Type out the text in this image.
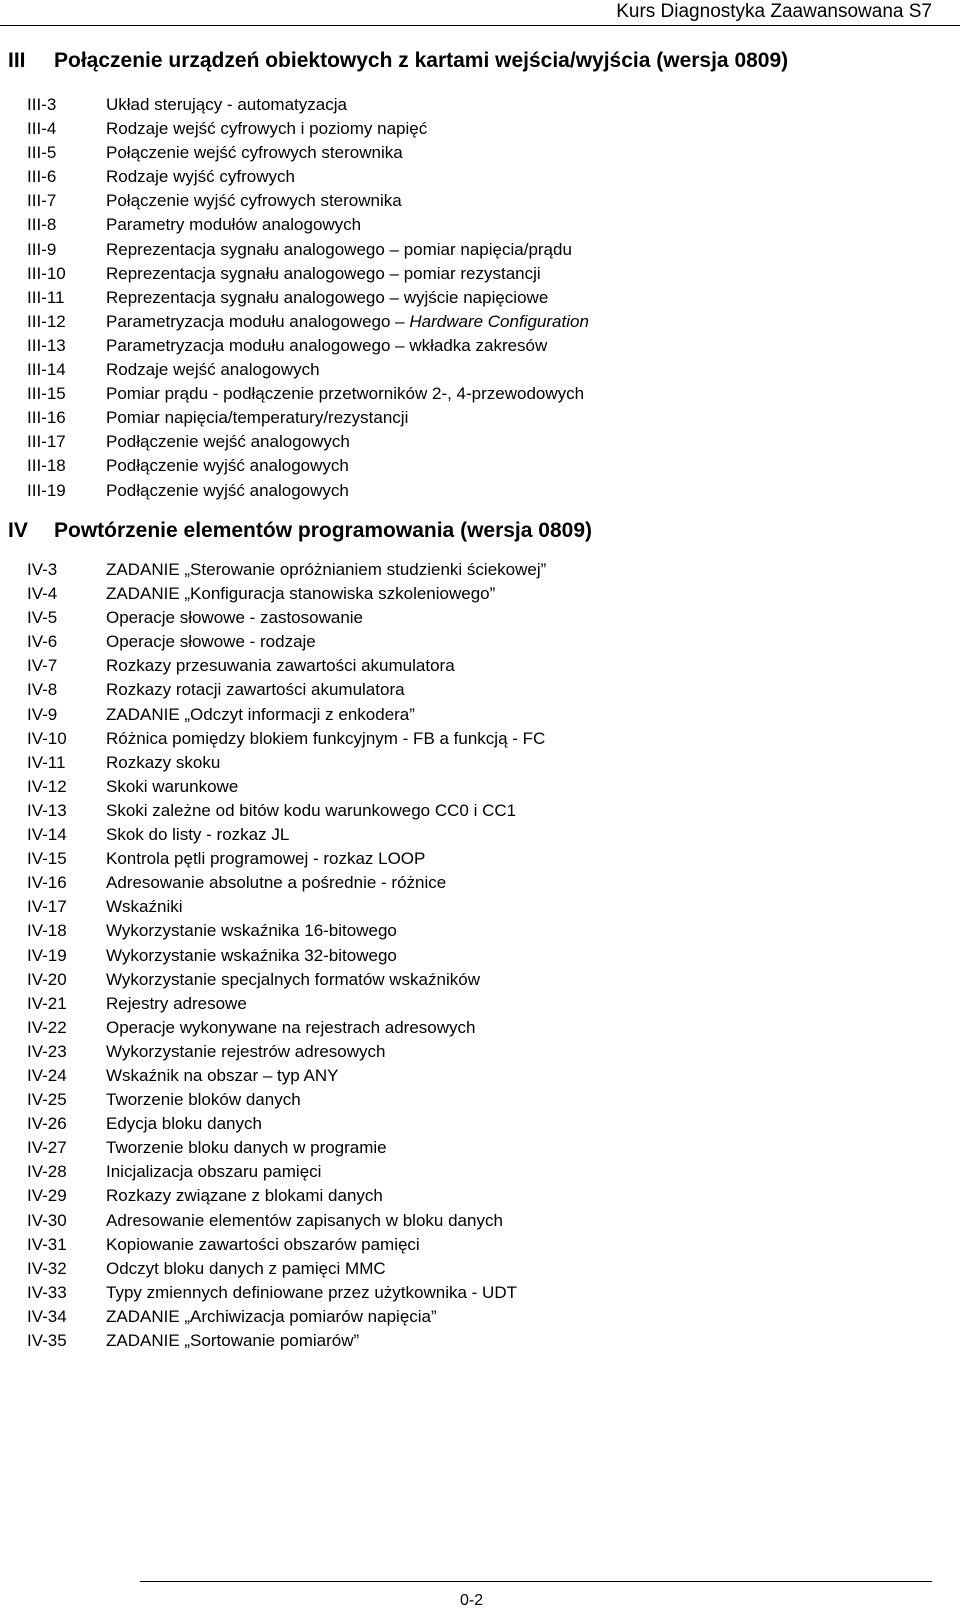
Kurs Diagnostyka Zaawansowana S7
III Połączenie urządzeń obiektowych z kartami wejścia/wyjścia (wersja 0809)
III-3	Układ sterujący - automatyzacja
III-4	Rodzaje wejść cyfrowych i poziomy napięć
III-5	Połączenie wejść cyfrowych sterownika
III-6	Rodzaje wyjść cyfrowych
III-7	Połączenie wyjść cyfrowych sterownika
III-8	Parametry modułów analogowych
III-9	Reprezentacja sygnału analogowego – pomiar napięcia/prądu
III-10 Reprezentacja sygnału analogowego – pomiar rezystancji
III-11 Reprezentacja sygnału analogowego – wyjście napięciowe
III-12 Parametryzacja modułu analogowego – Hardware Configuration
III-13 Parametryzacja modułu analogowego – wkładka zakresów
III-14 Rodzaje wejść analogowych
III-15 Pomiar prądu - podłączenie przetworników 2-, 4-przewodowych
III-16 Pomiar napięcia/temperatury/rezystancji
III-17 Podłączenie wejść analogowych
III-18 Podłączenie wyjść analogowych
III-19 Podłączenie wyjść analogowych
IV Powtórzenie elementów programowania (wersja 0809)
IV-3	ZADANIE „Sterowanie opróżnianiem studzienki ściekowej”
IV-4	ZADANIE „Konfiguracja stanowiska szkoleniowego”
IV-5	Operacje słowowe - zastosowanie
IV-6	Operacje słowowe - rodzaje
IV-7	Rozkazy przesuwania zawartości akumulatora
IV-8	Rozkazy rotacji zawartości akumulatora
IV-9	ZADANIE „Odczyt informacji z enkodera”
IV-10 Różnica pomiędzy blokiem funkcyjnym - FB a funkcją - FC
IV-11 Rozkazy skoku
IV-12 Skoki warunkowe
IV-13 Skoki zależne od bitów kodu warunkowego CC0 i CC1
IV-14 Skok do listy - rozkaz JL
IV-15 Kontrola pętli programowej - rozkaz LOOP
IV-16 Adresowanie absolutne a pośrednie - różnice
IV-17 Wskaźniki
IV-18 Wykorzystanie wskaźnika 16-bitowego
IV-19 Wykorzystanie wskaźnika 32-bitowego
IV-20 Wykorzystanie specjalnych formatów wskaźników
IV-21 Rejestry adresowe
IV-22 Operacje wykonywane na rejestrach adresowych
IV-23 Wykorzystanie rejestrów adresowych
IV-24 Wskaźnik na obszar – typ ANY
IV-25 Tworzenie bloków danych
IV-26 Edycja bloku danych
IV-27 Tworzenie bloku danych w programie
IV-28 Inicjalizacja obszaru pamięci
IV-29 Rozkazy związane z blokami danych
IV-30 Adresowanie elementów zapisanych w bloku danych
IV-31 Kopiowanie zawartości obszarów pamięci
IV-32 Odczyt bloku danych z pamięci MMC
IV-33 Typy zmiennych definiowane przez użytkownika - UDT
IV-34 ZADANIE „Archiwizacja pomiarów napięcia”
IV-35 ZADANIE „Sortowanie pomiarów”
0-2
